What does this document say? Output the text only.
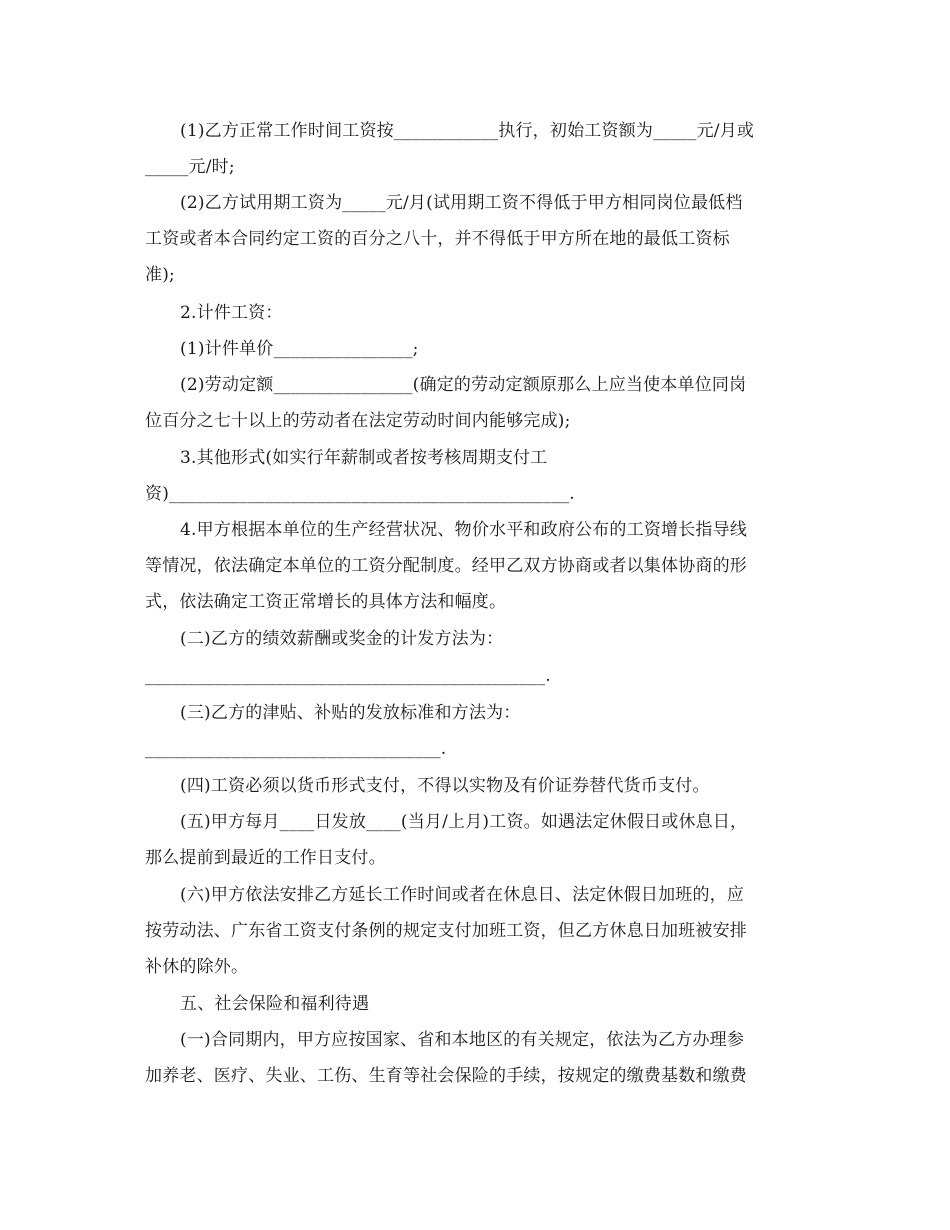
(1)乙方正常工作时间工资按____________执行，初始工资额为_____元/月或

_____元/时;

(2)乙方试用期工资为_____元/月(试用期工资不得低于甲方相同岗位最低档

工资或者本合同约定工资的百分之八十，并不得低于甲方所在地的最低工资标

准);

2.计件工资：

(1)计件单价________________;

(2)劳动定额________________(确定的劳动定额原那么上应当使本单位同岗

位百分之七十以上的劳动者在法定劳动时间内能够完成);

3.其他形式(如实行年薪制或者按考核周期支付工

资)______________________________________________.

4.甲方根据本单位的生产经营状况、物价水平和政府公布的工资增长指导线

等情况，依法确定本单位的工资分配制度。经甲乙双方协商或者以集体协商的形

式，依法确定工资正常增长的具体方法和幅度。

(二)乙方的绩效薪酬或奖金的计发方法为：

______________________________________________.

(三)乙方的津贴、补贴的发放标准和方法为：

__________________________________.

(四)工资必须以货币形式支付，不得以实物及有价证券替代货币支付。

(五)甲方每月____日发放____(当月/上月)工资。如遇法定休假日或休息日，

那么提前到最近的工作日支付。

(六)甲方依法安排乙方延长工作时间或者在休息日、法定休假日加班的，应

按劳动法、广东省工资支付条例的规定支付加班工资，但乙方休息日加班被安排

补休的除外。

五、社会保险和福利待遇

(一)合同期内，甲方应按国家、省和本地区的有关规定，依法为乙方办理参

加养老、医疗、失业、工伤、生育等社会保险的手续，按规定的缴费基数和缴费
